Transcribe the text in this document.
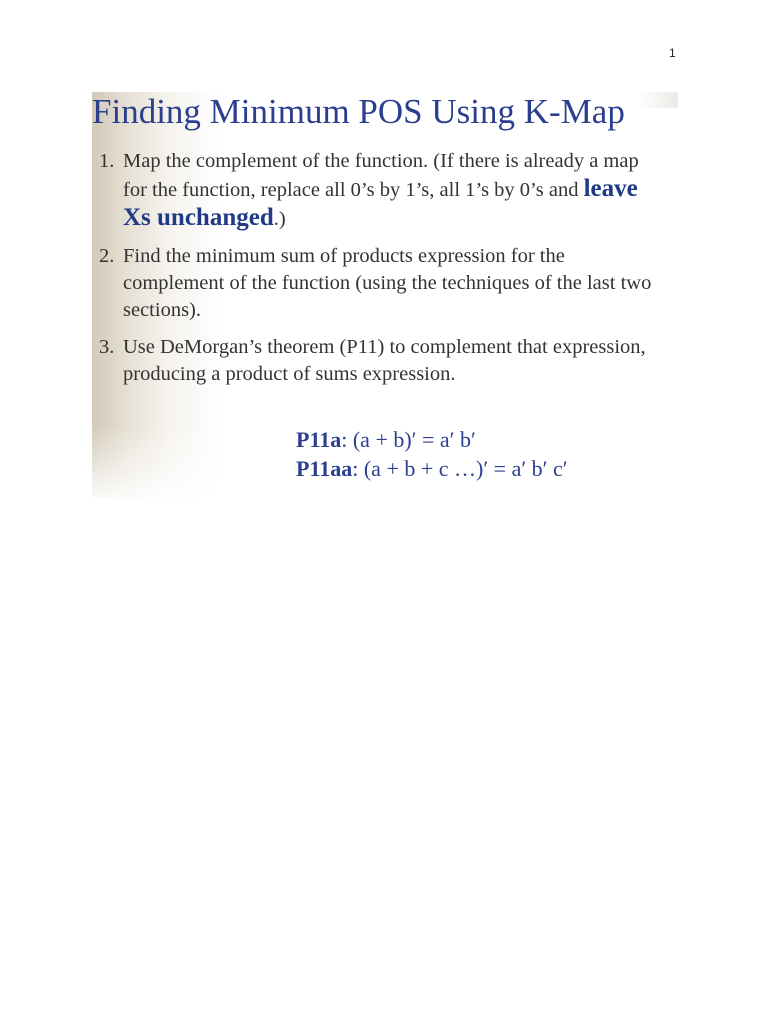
1
Finding Minimum POS Using K-Map
1. Map the complement of the function. (If there is already a map for the function, replace all 0’s by 1’s, all 1’s by 0’s and leave Xs unchanged.)
2. Find the minimum sum of products expression for the complement of the function (using the techniques of the last two sections).
3. Use DeMorgan’s theorem (P11) to complement that expression, producing a product of sums expression.
P11a: (a + b)′ = a′ b′
P11aa: (a + b + c …)′ = a′ b′ c′
